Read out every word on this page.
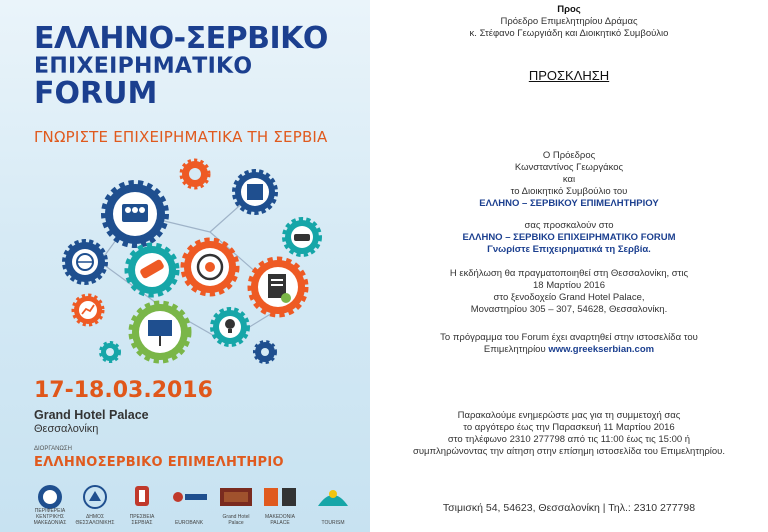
ΕΛΛΗΝΟ-ΣΕΡΒΙΚΟ
ΕΠΙΧΕΙΡΗΜΑΤΙΚΟ
FORUM
ΓΝΩΡΙΣΤΕ ΕΠΙΧΕΙΡΗΜΑΤΙΚΑ ΤΗ ΣΕΡΒΙΑ
17-18.03.2016
Grand Hotel Palace
Θεσσαλονίκη
ΔΙΟΡΓΑΝΩΣΗ
ΕΛΛΗΝΟΣΕΡΒΙΚΟ ΕΠΙΜΕΛΗΤΗΡΙΟ
ΠΕΡΙΦΕΡΕΙΑ ΚΕΝΤΡΙΚΗΣ ΜΑΚΕΔΟΝΙΑΣ
ΔΗΜΟΣ ΘΕΣΣΑΛΟΝΙΚΗΣ
ΠΡΕΣΒΕΙΑ ΣΕΡΒΙΑΣ	EUROBANK
Grand Hotel Palace
MAKEDONIA PALACE	TOURISM
Προς
Πρόεδρο Επιμελητηρίου Δράμας
κ. Στέφανο Γεωργιάδη και Διοικητικό Συμβούλιο
ΠΡΟΣΚΛΗΣΗ
Ο Πρόεδρος
Κωνσταντίνος Γεωργάκος
και
το Διοικητικό Συμβούλιο του
ΕΛΛΗΝΟ – ΣΕΡΒΙΚΟΥ ΕΠΙΜΕΛΗΤΗΡΙΟΥ
σας προσκαλούν στο
ΕΛΛΗΝΟ – ΣΕΡΒΙΚΟ ΕΠΙΧΕΙΡΗΜΑΤΙΚΟ FORUM
Γνωρίστε Επιχειρηματικά τη Σερβία.
Η εκδήλωση θα πραγματοποιηθεί στη Θεσσαλονίκη, στις
18 Μαρτίου 2016
στο ξενοδοχείο Grand Hotel Palace,
Μοναστηρίου 305 – 307, 54628, Θεσσαλονίκη.
Το πρόγραμμα του Forum έχει αναρτηθεί στην ιστοσελίδα του
Επιμελητηρίου www.greekserbian.com
Παρακαλούμε ενημερώστε μας για τη συμμετοχή σας
το αργότερο έως την Παρασκευή 11 Μαρτίου 2016
στο τηλέφωνο 2310 277798 από τις 11:00 έως τις 15:00 ή
συμπληρώνοντας την αίτηση στην επίσημη ιστοσελίδα του Επιμελητηρίου.
Τσιμισκή 54, 54623, Θεσσαλονίκη | Τηλ.: 2310 277798
